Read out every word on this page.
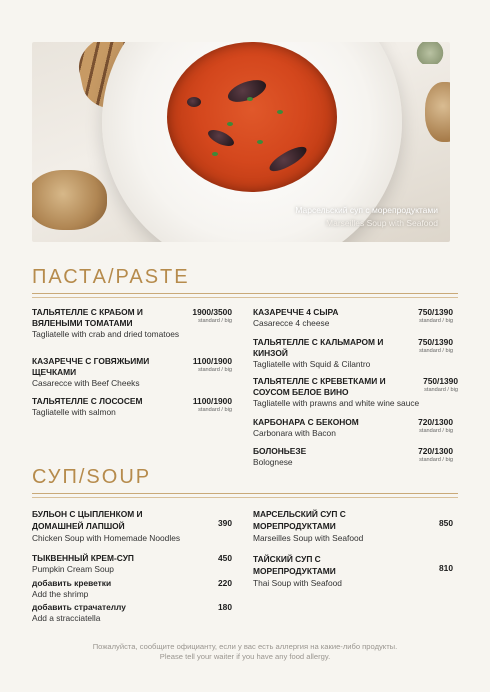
Марсельский суп с морепродуктами
Marseilles Soup with Seafood
ПАСТА/PASTE
ТАЛЬЯТЕЛЛЕ С КРАБОМ И ВЯЛЕНЫМИ ТОМАТАМИ
Tagliatelle with crab and dried tomatoes
1900/3500
standard / big
КАЗАРЕЧЧЕ С ГОВЯЖЬИМИ ЩЕЧКАМИ
Casarecce with Beef Cheeks
1100/1900
standard / big
ТАЛЬЯТЕЛЛЕ С ЛОСОСЕМ
Tagliatelle with salmon
1100/1900
standard / big
КАЗАРЕЧЧЕ 4 СЫРА
Casarecce 4 cheese
750/1390
standard / big
ТАЛЬЯТЕЛЛЕ С КАЛЬМАРОМ И КИНЗОЙ
Tagliatelle with Squid & Cilantro
750/1390
standard / big
ТАЛЬЯТЕЛЛЕ С КРЕВЕТКАМИ И СОУСОМ БЕЛОЕ ВИНО
Tagliatelle with prawns and white wine sauce
750/1390
standard / big
КАРБОНАРА С БЕКОНОМ
Carbonara with Bacon
720/1300
standard / big
БОЛОНЬЕЗЕ
Bolognese
720/1300
standard / big
СУП/SOUP
БУЛЬОН С ЦЫПЛЕНКОМ И ДОМАШНЕЙ ЛАПШОЙ
Chicken Soup with Homemade Noodles
390
ТЫКВЕННЫЙ КРЕМ-СУП
Pumpkin Cream Soup
450
добавить креветки
Add the shrimp
220
добавить страчателлу
Add a stracciatella
180
МАРСЕЛЬСКИЙ СУП С МОРЕПРОДУКТАМИ
Marseilles Soup with Seafood
850
ТАЙСКИЙ СУП С МОРЕПРОДУКТАМИ
Thai Soup with Seafood
810
Пожалуйста, сообщите официанту, если у вас есть аллергия на какие-либо продукты.
Please tell your waiter if you have any food allergy.
